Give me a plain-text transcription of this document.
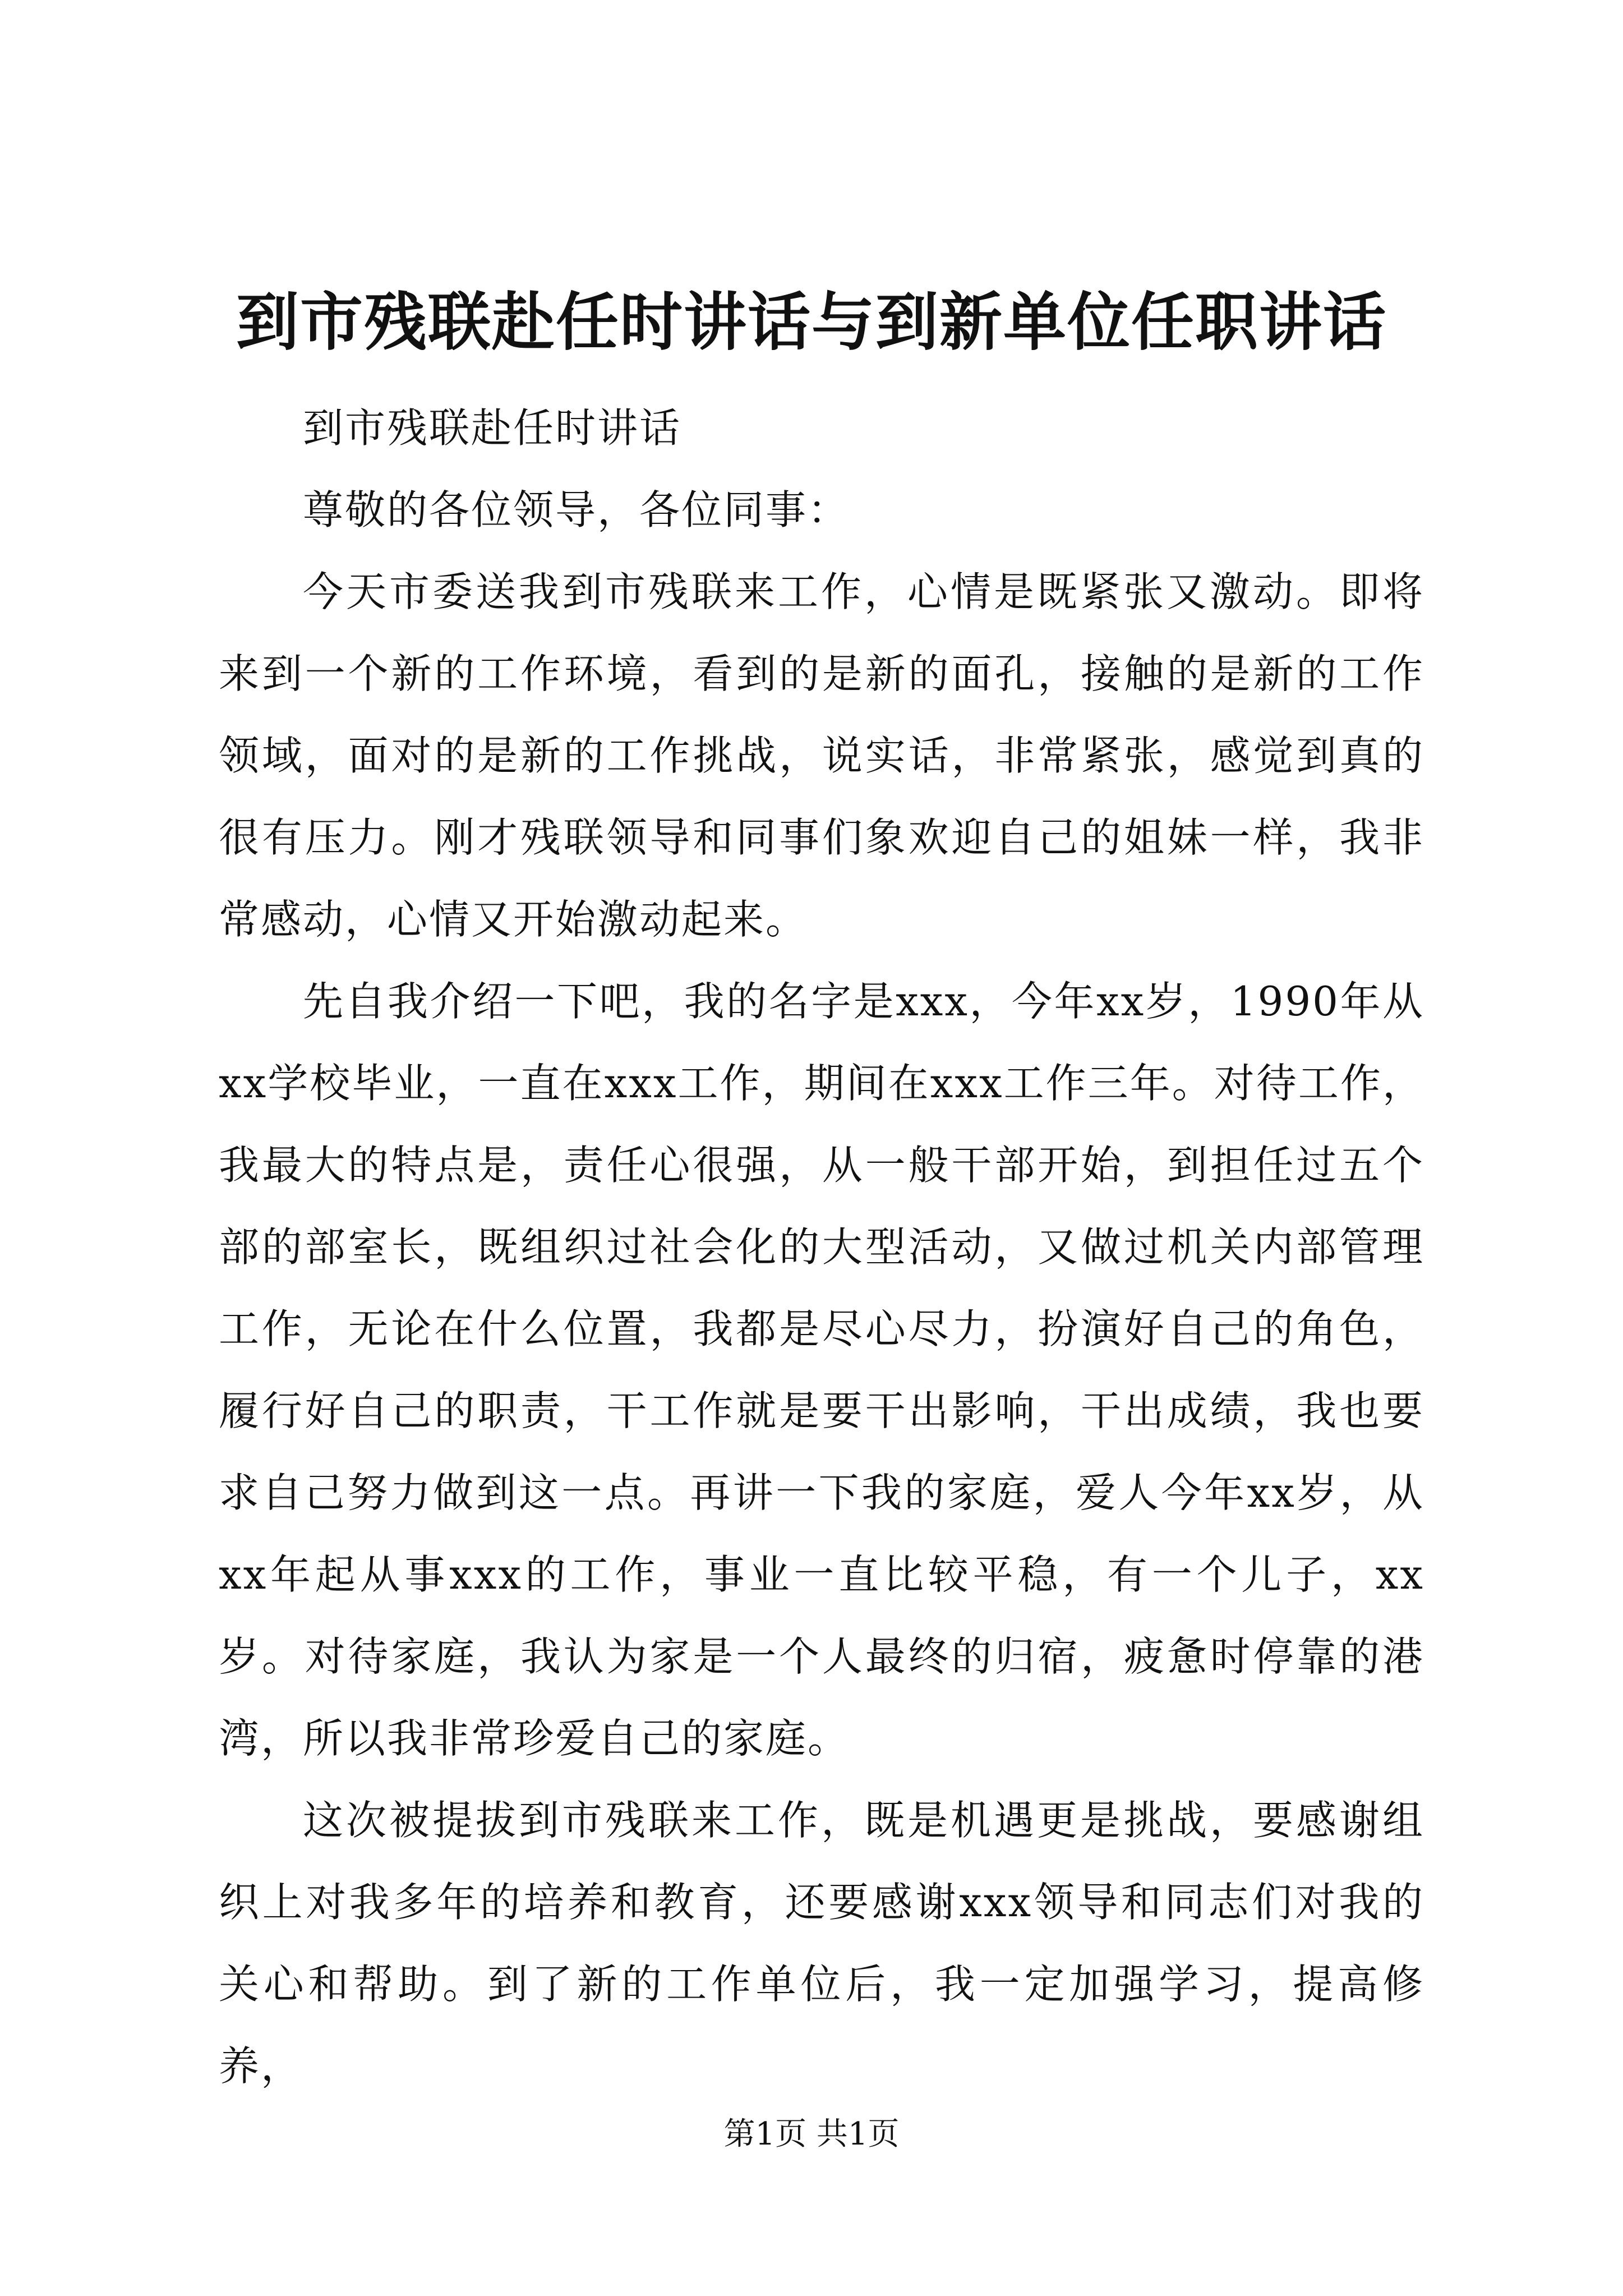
到市残联赴任时讲话与到新单位任职讲话

到市残联赴任时讲话

尊敬的各位领导，各位同事：

今天市委送我到市残联来工作，心情是既紧张又激动。即将来到一个新的工作环境，看到的是新的面孔，接触的是新的工作领域，面对的是新的工作挑战，说实话，非常紧张，感觉到真的很有压力。刚才残联领导和同事们象欢迎自己的姐妹一样，我非常感动，心情又开始激动起来。

先自我介绍一下吧，我的名字是xxx，今年xx岁，1990年从xx学校毕业，一直在xxx工作，期间在xxx工作三年。对待工作，我最大的特点是，责任心很强，从一般干部开始，到担任过五个部的部室长，既组织过社会化的大型活动，又做过机关内部管理工作，无论在什么位置，我都是尽心尽力，扮演好自己的角色，履行好自己的职责，干工作就是要干出影响，干出成绩，我也要求自己努力做到这一点。再讲一下我的家庭，爱人今年xx岁，从xx年起从事xxx的工作，事业一直比较平稳，有一个儿子，xx岁。对待家庭，我认为家是一个人最终的归宿，疲惫时停靠的港湾，所以我非常珍爱自己的家庭。

这次被提拔到市残联来工作，既是机遇更是挑战，要感谢组织上对我多年的培养和教育，还要感谢xxx领导和同志们对我的关心和帮助。到了新的工作单位后，我一定加强学习，提高修养，

第1页 共1页
